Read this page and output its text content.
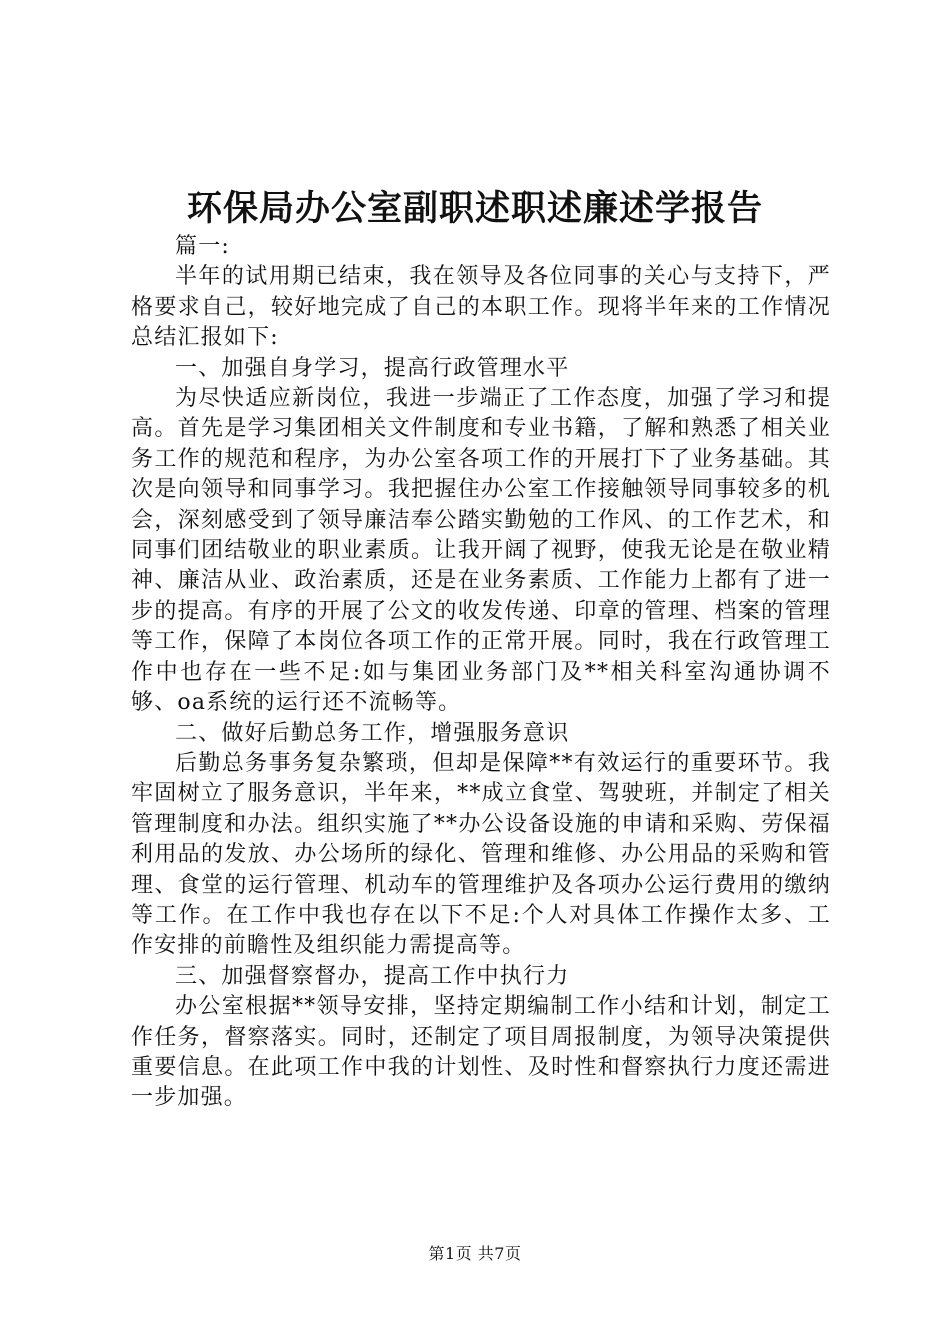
环保局办公室副职述职述廉述学报告

篇一:

半年的试用期已结束，我在领导及各位同事的关心与支持下，严格要求自己，较好地完成了自己的本职工作。现将半年来的工作情况总结汇报如下:

一、加强自身学习，提高行政管理水平

为尽快适应新岗位，我进一步端正了工作态度，加强了学习和提高。首先是学习集团相关文件制度和专业书籍，了解和熟悉了相关业务工作的规范和程序，为办公室各项工作的开展打下了业务基础。其次是向领导和同事学习。我把握住办公室工作接触领导同事较多的机会，深刻感受到了领导廉洁奉公踏实勤勉的工作风、的工作艺术，和同事们团结敬业的职业素质。让我开阔了视野，使我无论是在敬业精神、廉洁从业、政治素质，还是在业务素质、工作能力上都有了进一步的提高。有序的开展了公文的收发传递、印章的管理、档案的管理等工作，保障了本岗位各项工作的正常开展。同时，我在行政管理工作中也存在一些不足:如与集团业务部门及**相关科室沟通协调不够、oa系统的运行还不流畅等。

二、做好后勤总务工作，增强服务意识

后勤总务事务复杂繁琐，但却是保障**有效运行的重要环节。我牢固树立了服务意识，半年来，**成立食堂、驾驶班，并制定了相关管理制度和办法。组织实施了**办公设备设施的申请和采购、劳保福利用品的发放、办公场所的绿化、管理和维修、办公用品的采购和管理、食堂的运行管理、机动车的管理维护及各项办公运行费用的缴纳等工作。在工作中我也存在以下不足:个人对具体工作操作太多、工作安排的前瞻性及组织能力需提高等。

三、加强督察督办，提高工作中执行力

办公室根据**领导安排，坚持定期编制工作小结和计划，制定工作任务，督察落实。同时，还制定了项目周报制度，为领导决策提供重要信息。在此项工作中我的计划性、及时性和督察执行力度还需进一步加强。

第1页 共7页
